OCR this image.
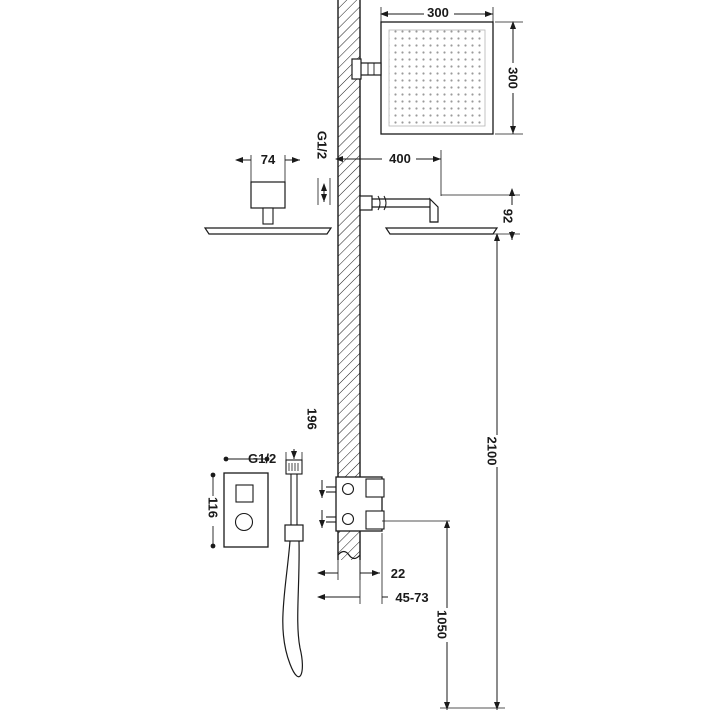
300
300
74
G1/2	400
92
2100
G1/2
116
196
22
45-73
1050
